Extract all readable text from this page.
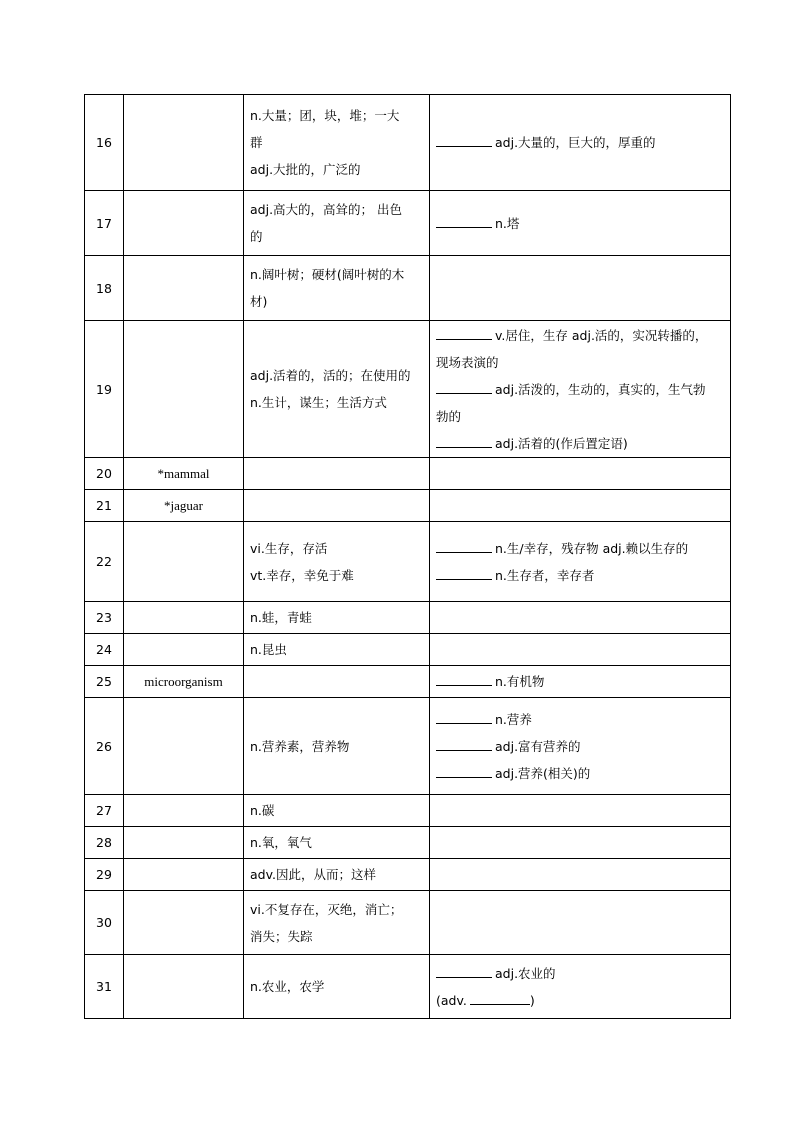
16		n.大量；团，块，堆；一大
群
adj.大批的，广泛的	adj.大量的，巨大的，厚重的

17		adj.高大的，高耸的； 出色
的	n.塔

18		n.阔叶树；硬材(阔叶树的木
材)	

19		adj.活着的，活的；在使用的
n.生计，谋生；生活方式	v.居住，生存 adj.活的，实况转播的，
现场表演的
adj.活泼的，生动的，真实的，生气勃
勃的
adj.活着的(作后置定语)

20	*mammal		
21	*jaguar		
22		vi.生存，存活
vt.幸存，幸免于难	n.生/幸存，残存物 adj.赖以生存的
n.生存者，幸存者

23		n.蛙，青蛙	

24		n.昆虫	

25	microorganism		n.有机物

26		n.营养素，营养物	n.营养
adj.富有营养的
adj.营养(相关)的

27		n.碳	

28		n.氧，氧气	

29		adv.因此，从而；这样	

30		vi.不复存在，灭绝，消亡；
消失；失踪	

31		n.农业，农学	adj.农业的
(adv. )
